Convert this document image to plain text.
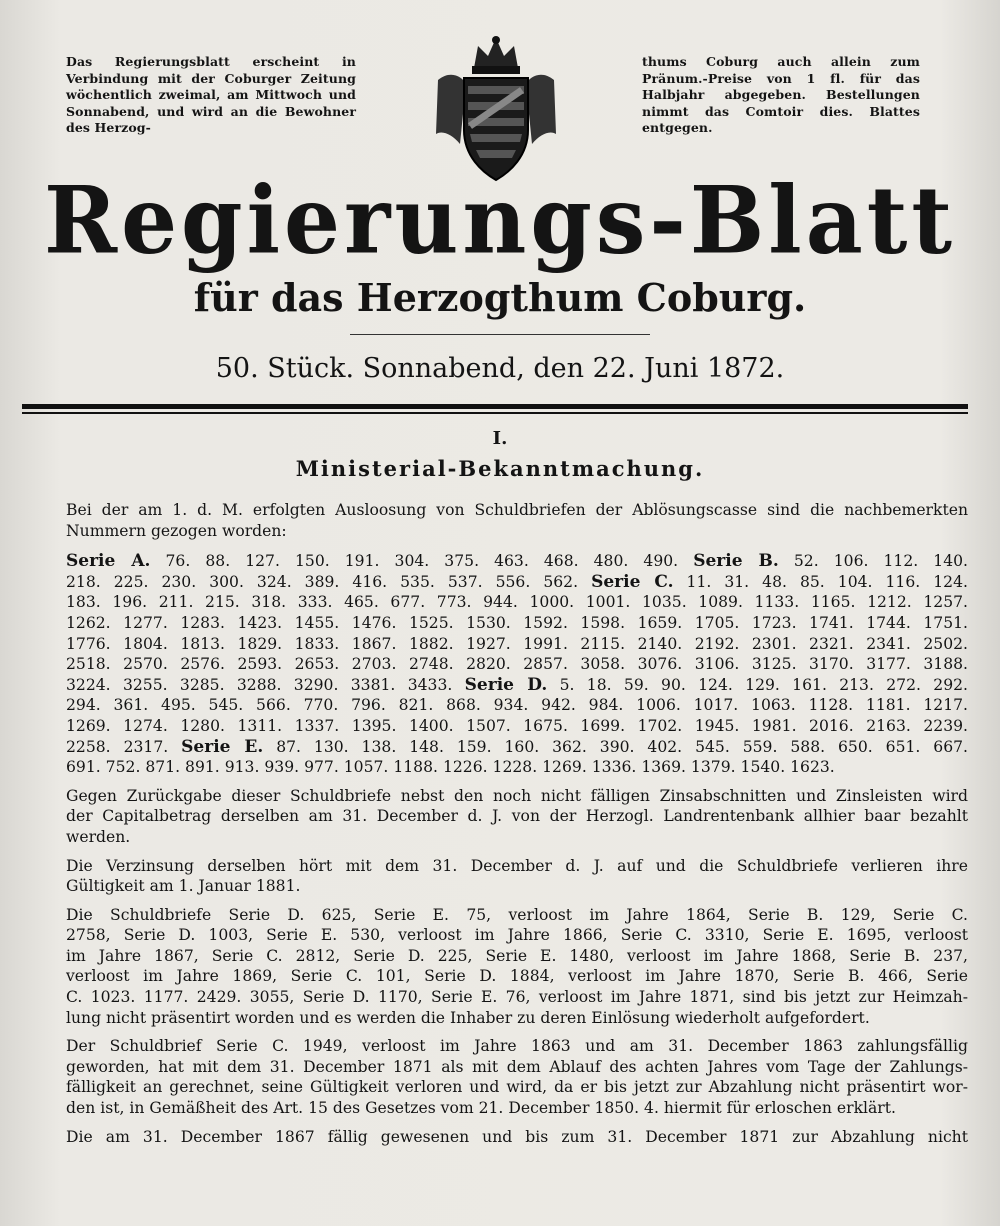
Das Regierungsblatt erscheint in Verbindung mit der Coburger Zeitung wöchentlich zweimal, am Mittwoch und Sonnabend, und wird an die Bewohner des Herzog-
thums Coburg auch allein zum Pränum.-Preise von 1 fl. für das Halbjahr abgegeben. Bestellungen nimmt das Comtoir dies. Blattes entgegen.
Regierungs-Blatt
für das Herzogthum Coburg.
50. Stück. Sonnabend, den 22. Juni 1872.
I.
Ministerial-Bekanntmachung.
Bei der am 1. d. M. erfolgten Ausloosung von Schuldbriefen der Ablösungscasse sind die nachbemerkten
Nummern gezogen worden:
Serie A. 76. 88. 127. 150. 191. 304. 375. 463. 468. 480. 490. Serie B. 52. 106. 112. 140.
218. 225. 230. 300. 324. 389. 416. 535. 537. 556. 562. Serie C. 11. 31. 48. 85. 104. 116. 124.
183. 196. 211. 215. 318. 333. 465. 677. 773. 944. 1000. 1001. 1035. 1089. 1133. 1165. 1212. 1257.
1262. 1277. 1283. 1423. 1455. 1476. 1525. 1530. 1592. 1598. 1659. 1705. 1723. 1741. 1744. 1751.
1776. 1804. 1813. 1829. 1833. 1867. 1882. 1927. 1991. 2115. 2140. 2192. 2301. 2321. 2341. 2502.
2518. 2570. 2576. 2593. 2653. 2703. 2748. 2820. 2857. 3058. 3076. 3106. 3125. 3170. 3177. 3188.
3224. 3255. 3285. 3288. 3290. 3381. 3433. Serie D. 5. 18. 59. 90. 124. 129. 161. 213. 272. 292.
294. 361. 495. 545. 566. 770. 796. 821. 868. 934. 942. 984. 1006. 1017. 1063. 1128. 1181. 1217.
1269. 1274. 1280. 1311. 1337. 1395. 1400. 1507. 1675. 1699. 1702. 1945. 1981. 2016. 2163. 2239.
2258. 2317. Serie E. 87. 130. 138. 148. 159. 160. 362. 390. 402. 545. 559. 588. 650. 651. 667.
691. 752. 871. 891. 913. 939. 977. 1057. 1188. 1226. 1228. 1269. 1336. 1369. 1379. 1540. 1623.
Gegen Zurückgabe dieser Schuldbriefe nebst den noch nicht fälligen Zinsabschnitten und Zinsleisten wird
der Capitalbetrag derselben am 31. December d. J. von der Herzogl. Landrentenbank allhier baar bezahlt
werden.
Die Verzinsung derselben hört mit dem 31. December d. J. auf und die Schuldbriefe verlieren ihre
Gültigkeit am 1. Januar 1881.
Die Schuldbriefe Serie D. 625, Serie E. 75, verloost im Jahre 1864, Serie B. 129, Serie C.
2758, Serie D. 1003, Serie E. 530, verloost im Jahre 1866, Serie C. 3310, Serie E. 1695, verloost
im Jahre 1867, Serie C. 2812, Serie D. 225, Serie E. 1480, verloost im Jahre 1868, Serie B. 237,
verloost im Jahre 1869, Serie C. 101, Serie D. 1884, verloost im Jahre 1870, Serie B. 466, Serie
C. 1023. 1177. 2429. 3055, Serie D. 1170, Serie E. 76, verloost im Jahre 1871, sind bis jetzt zur Heimzah-
lung nicht präsentirt worden und es werden die Inhaber zu deren Einlösung wiederholt aufgefordert.
Der Schuldbrief Serie C. 1949, verloost im Jahre 1863 und am 31. December 1863 zahlungsfällig
geworden, hat mit dem 31. December 1871 als mit dem Ablauf des achten Jahres vom Tage der Zahlungs-
fälligkeit an gerechnet, seine Gültigkeit verloren und wird, da er bis jetzt zur Abzahlung nicht präsentirt wor-
den ist, in Gemäßheit des Art. 15 des Gesetzes vom 21. December 1850. 4. hiermit für erloschen erklärt.
Die am 31. December 1867 fällig gewesenen und bis zum 31. December 1871 zur Abzahlung nicht
